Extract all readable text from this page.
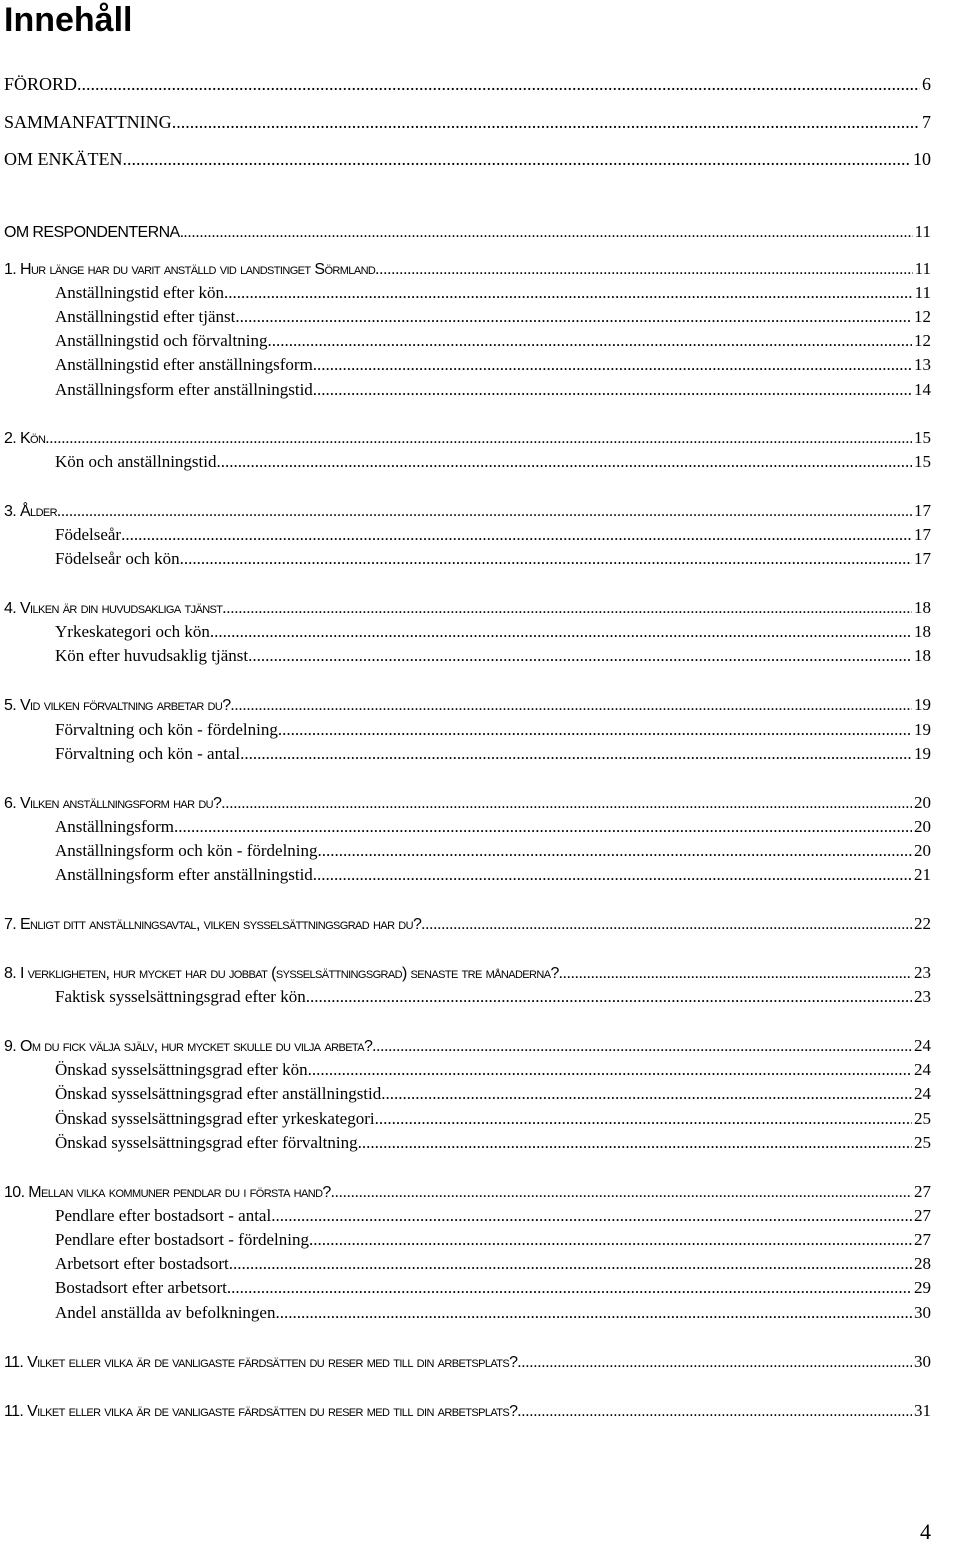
Innehåll
FÖRORD .....	6
SAMMANFATTNING .....	7
OM ENKÄTEN .....	10
OM RESPONDENTERNA. .....	11
1. Hur länge har du varit anställd vid landstinget Sörmland .....	11
Anställningstid efter kön .....	11
Anställningstid efter tjänst .....	12
Anställningstid och förvaltning .....	12
Anställningstid efter anställningsform .....	13
Anställningsform efter anställningstid .....	14
2. Kön .....	15
Kön och anställningstid .....	15
3. Ålder .....	17
Födelseår .....	17
Födelseår och kön .....	17
4. Vilken är din huvudsakliga tjänst .....	18
Yrkeskategori och kön .....	18
Kön efter huvudsaklig tjänst .....	18
5. Vid vilken förvaltning arbetar du? .....	19
Förvaltning och kön - fördelning .....	19
Förvaltning och kön - antal .....	19
6. Vilken anställningsform har du? .....	20
Anställningsform .....	20
Anställningsform och kön - fördelning .....	20
Anställningsform efter anställningstid .....	21
7. Enligt ditt anställningsavtal, vilken sysselsättningsgrad har du? .....	22
8. I verkligheten, hur mycket har du jobbat (sysselsättningsgrad) senaste tre månaderna? .....	23
Faktisk sysselsättningsgrad efter kön .....	23
9. Om du fick välja själv, hur mycket skulle du vilja arbeta? .....	24
Önskad sysselsättningsgrad efter kön .....	24
Önskad sysselsättningsgrad efter anställningstid .....	24
Önskad sysselsättningsgrad efter yrkeskategori .....	25
Önskad sysselsättningsgrad efter förvaltning .....	25
10. Mellan vilka kommuner pendlar du i första hand? .....	27
Pendlare efter bostadsort - antal .....	27
Pendlare efter bostadsort - fördelning .....	27
Arbetsort efter bostadsort .....	28
Bostadsort efter arbetsort .....	29
Andel anställda av befolkningen .....	30
11. Vilket eller vilka är de vanligaste färdsätten du reser med till din arbetsplats? .....	30
11. Vilket eller vilka är de vanligaste färdsätten du reser med till din arbetsplats? .....	31
4
